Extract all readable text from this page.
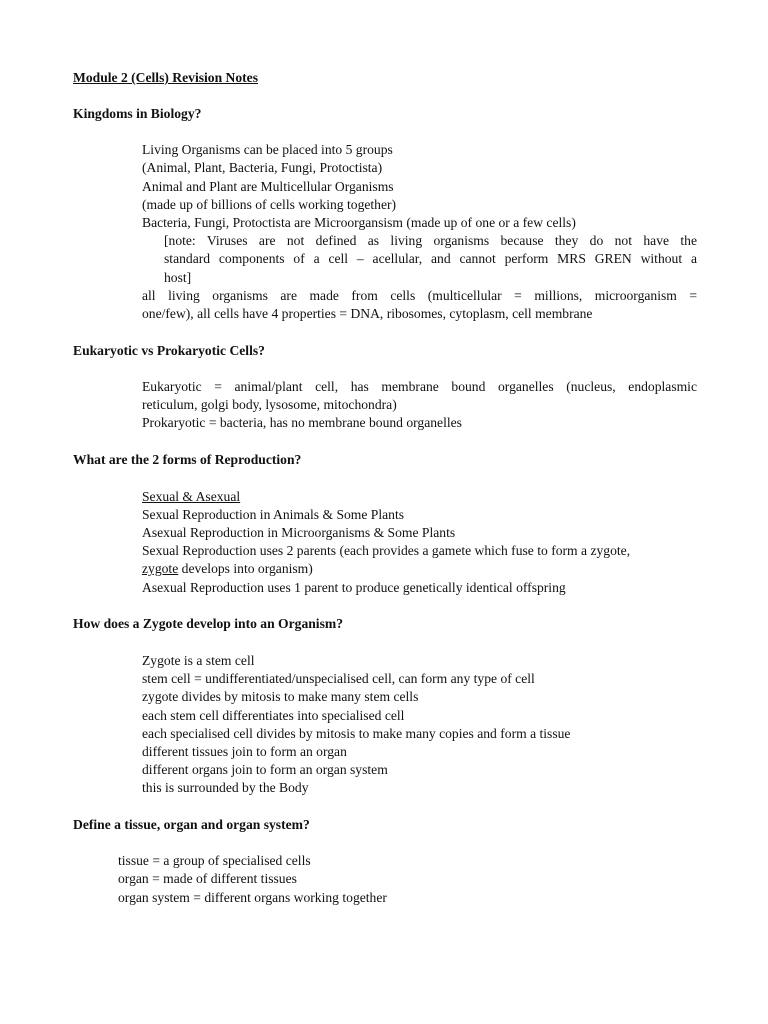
Module 2 (Cells) Revision Notes
Kingdoms in Biology?
Living Organisms can be placed into 5 groups
(Animal, Plant, Bacteria, Fungi, Protoctista)
Animal and Plant are Multicellular Organisms
(made up of billions of cells working together)
Bacteria, Fungi, Protoctista are Microorgansism (made up of one or a few cells)
[note: Viruses are not defined as living organisms because they do not have the
standard components of a cell – acellular, and cannot perform MRS GREN without a
host]
all living organisms are made from cells (multicellular = millions, microorganism =
one/few), all cells have 4 properties = DNA, ribosomes, cytoplasm, cell membrane
Eukaryotic vs Prokaryotic Cells?
Eukaryotic = animal/plant cell, has membrane bound organelles (nucleus, endoplasmic
reticulum, golgi body, lysosome, mitochondra)
Prokaryotic = bacteria, has no membrane bound organelles
What are the 2 forms of Reproduction?
Sexual & Asexual
Sexual Reproduction in Animals & Some Plants
Asexual Reproduction in Microorganisms & Some Plants
Sexual Reproduction uses 2 parents (each provides a gamete which fuse to form a zygote,
zygote develops into organism)
Asexual Reproduction uses 1 parent to produce genetically identical offspring
How does a Zygote develop into an Organism?
Zygote is a stem cell
stem cell = undifferentiated/unspecialised cell, can form any type of cell
zygote divides by mitosis to make many stem cells
each stem cell differentiates into specialised cell
each specialised cell divides by mitosis to make many copies and form a tissue
different tissues join to form an organ
different organs join to form an organ system
this is surrounded by the Body
Define a tissue, organ and organ system?
tissue = a group of specialised cells
organ = made of different tissues
organ system = different organs working together
